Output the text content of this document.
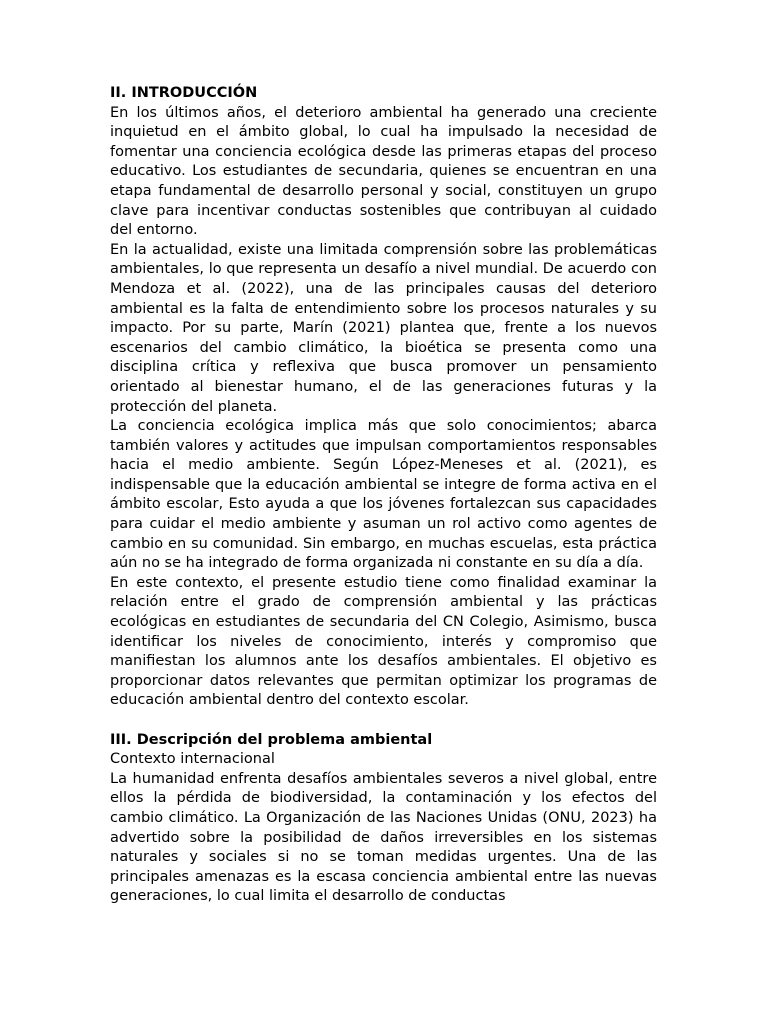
II. INTRODUCCIÓN

En los últimos años, el deterioro ambiental ha generado una creciente inquietud en el ámbito global, lo cual ha impulsado la necesidad de fomentar una conciencia ecológica desde las primeras etapas del proceso educativo. Los estudiantes de secundaria, quienes se encuentran en una etapa fundamental de desarrollo personal y social, constituyen un grupo clave para incentivar conductas sostenibles que contribuyan al cuidado del entorno.

En la actualidad, existe una limitada comprensión sobre las problemáticas ambientales, lo que representa un desafío a nivel mundial. De acuerdo con Mendoza et al. (2022), una de las principales causas del deterioro ambiental es la falta de entendimiento sobre los procesos naturales y su impacto. Por su parte, Marín (2021) plantea que, frente a los nuevos escenarios del cambio climático, la bioética se presenta como una disciplina crítica y reflexiva que busca promover un pensamiento orientado al bienestar humano, el de las generaciones futuras y la protección del planeta.

La conciencia ecológica implica más que solo conocimientos; abarca también valores y actitudes que impulsan comportamientos responsables hacia el medio ambiente. Según López-Meneses et al. (2021), es indispensable que la educación ambiental se integre de forma activa en el ámbito escolar, Esto ayuda a que los jóvenes fortalezcan sus capacidades para cuidar el medio ambiente y asuman un rol activo como agentes de cambio en su comunidad. Sin embargo, en muchas escuelas, esta práctica aún no se ha integrado de forma organizada ni constante en su día a día.

En este contexto, el presente estudio tiene como finalidad examinar la relación entre el grado de comprensión ambiental y las prácticas ecológicas en estudiantes de secundaria del CN Colegio, Asimismo, busca identificar los niveles de conocimiento, interés y compromiso que manifiestan los alumnos ante los desafíos ambientales. El objetivo es proporcionar datos relevantes que permitan optimizar los programas de educación ambiental dentro del contexto escolar.

III. Descripción del problema ambiental

Contexto internacional

La humanidad enfrenta desafíos ambientales severos a nivel global, entre ellos la pérdida de biodiversidad, la contaminación y los efectos del cambio climático. La Organización de las Naciones Unidas (ONU, 2023) ha advertido sobre la posibilidad de daños irreversibles en los sistemas naturales y sociales si no se toman medidas urgentes. Una de las principales amenazas es la escasa conciencia ambiental entre las nuevas generaciones, lo cual limita el desarrollo de conductas
